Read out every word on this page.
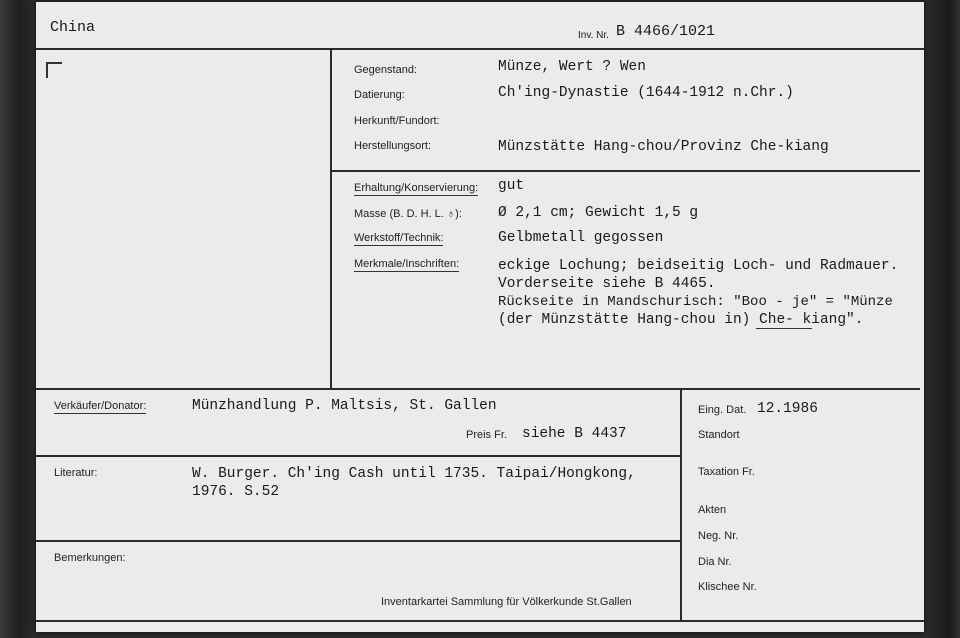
China	Inv. Nr. B 4466/1021
Gegenstand:	Münze, Wert ? Wen
Datierung:	Ch'ing-Dynastie (1644-1912 n.Chr.)
Herkunft/Fundort:
Herstellungsort:	Münzstätte Hang-chou/Provinz Che-kiang
Erhaltung/Konservierung: gut
Masse (B. D. H. L. ♁): Ø 2,1 cm; Gewicht 1,5 g
Werkstoff/Technik:	Gelbmetall gegossen
Merkmale/Inschriften:	eckige Lochung; beidseitig Loch- und Radmauer.
Vorderseite siehe B 4465.
Rückseite in Mandschurisch: "Boo - je" = "Münze
(der Münzstätte Hang-chou in) Che- kiang".
Verkäufer/Donator:	Münzhandlung P. Maltsis, St. Gallen
Preis Fr. siehe B 4437
Literatur:	W. Burger. Ch'ing Cash until 1735. Taipai/Hongkong,
1976. S.52
Bemerkungen:
Inventarkartei Sammlung für Völkerkunde St.Gallen
Eing. Dat. 12.1986
Standort
Taxation Fr.
Akten
Neg. Nr.
Dia Nr.
Klischee Nr.
